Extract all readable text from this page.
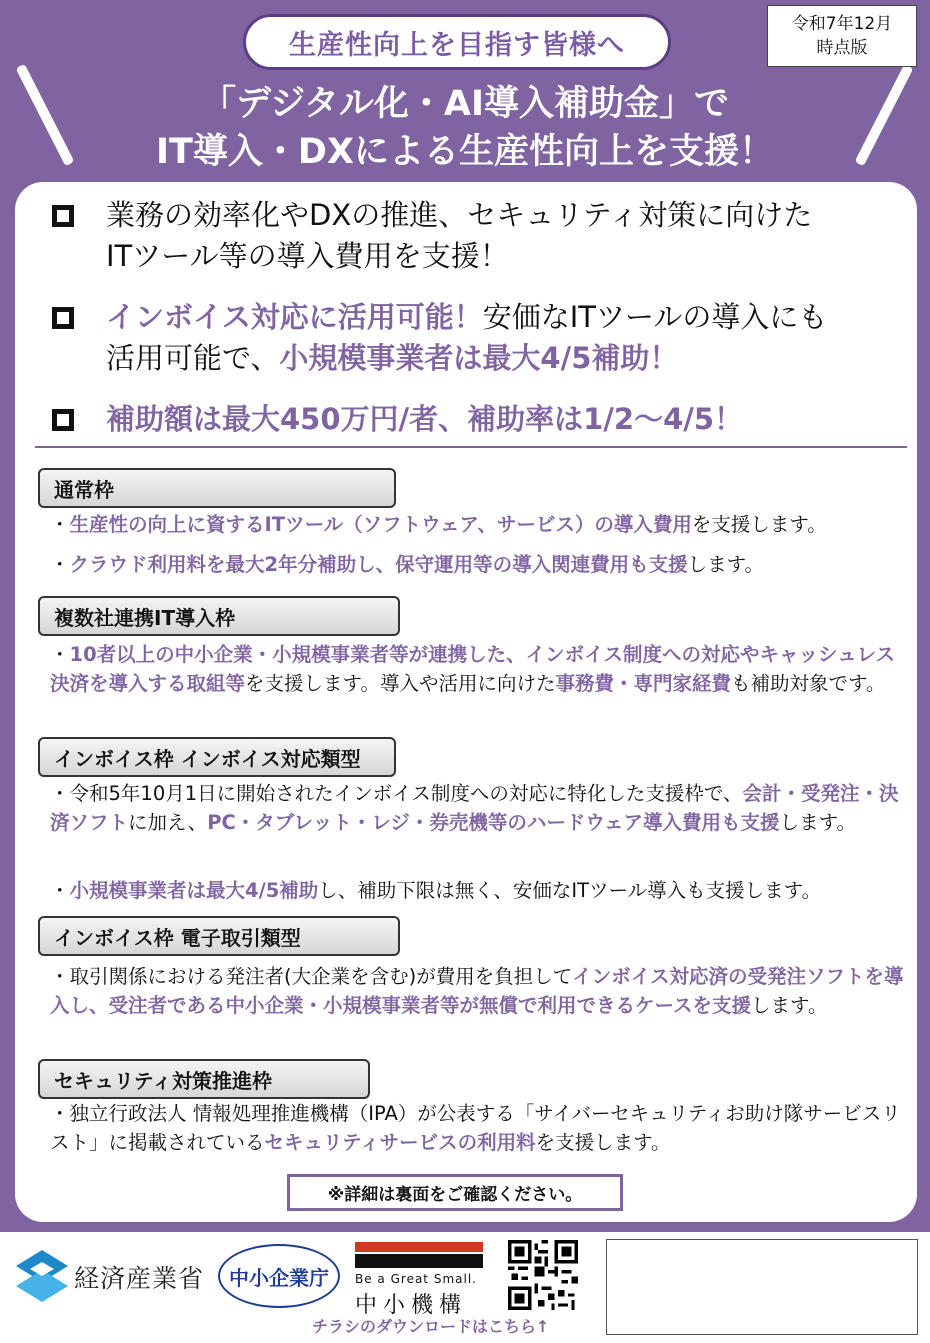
生産性向上を目指す皆様へ
令和7年12月
時点版
「デジタル化・AI導入補助金」で
IT導入・DXによる生産性向上を支援！
業務の効率化やDXの推進、セキュリティ対策に向けた
ITツール等の導入費用を支援！
インボイス対応に活用可能！安価なITツールの導入にも
活用可能で、小規模事業者は最大4/5補助！
補助額は最大450万円/者、補助率は1/2～4/5！
通常枠
・生産性の向上に資するITツール（ソフトウェア、サービス）の導入費用を支援します。
・クラウド利用料を最大2年分補助し、保守運用等の導入関連費用も支援します。
複数社連携IT導入枠
・10者以上の中小企業・小規模事業者等が連携した、インボイス制度への対応やキャッシュレス決済を導入する取組等を支援します。導入や活用に向けた事務費・専門家経費も補助対象です。
インボイス枠 インボイス対応類型
・令和5年10月1日に開始されたインボイス制度への対応に特化した支援枠で、会計・受発注・決済ソフトに加え、PC・タブレット・レジ・券売機等のハードウェア導入費用も支援します。
・小規模事業者は最大4/5補助し、補助下限は無く、安価なITツール導入も支援します。
インボイス枠 電子取引類型
・取引関係における発注者(大企業を含む)が費用を負担してインボイス対応済の受発注ソフトを導入し、受注者である中小企業・小規模事業者等が無償で利用できるケースを支援します。
セキュリティ対策推進枠
・独立行政法人 情報処理推進機構（IPA）が公表する「サイバーセキュリティお助け隊サービスリスト」に掲載されているセキュリティサービスの利用料を支援します。
※詳細は裏面をご確認ください。
経済産業省 中小企業庁 Be a Great Small.
中小機構
チラシのダウンロードはこちら↑
